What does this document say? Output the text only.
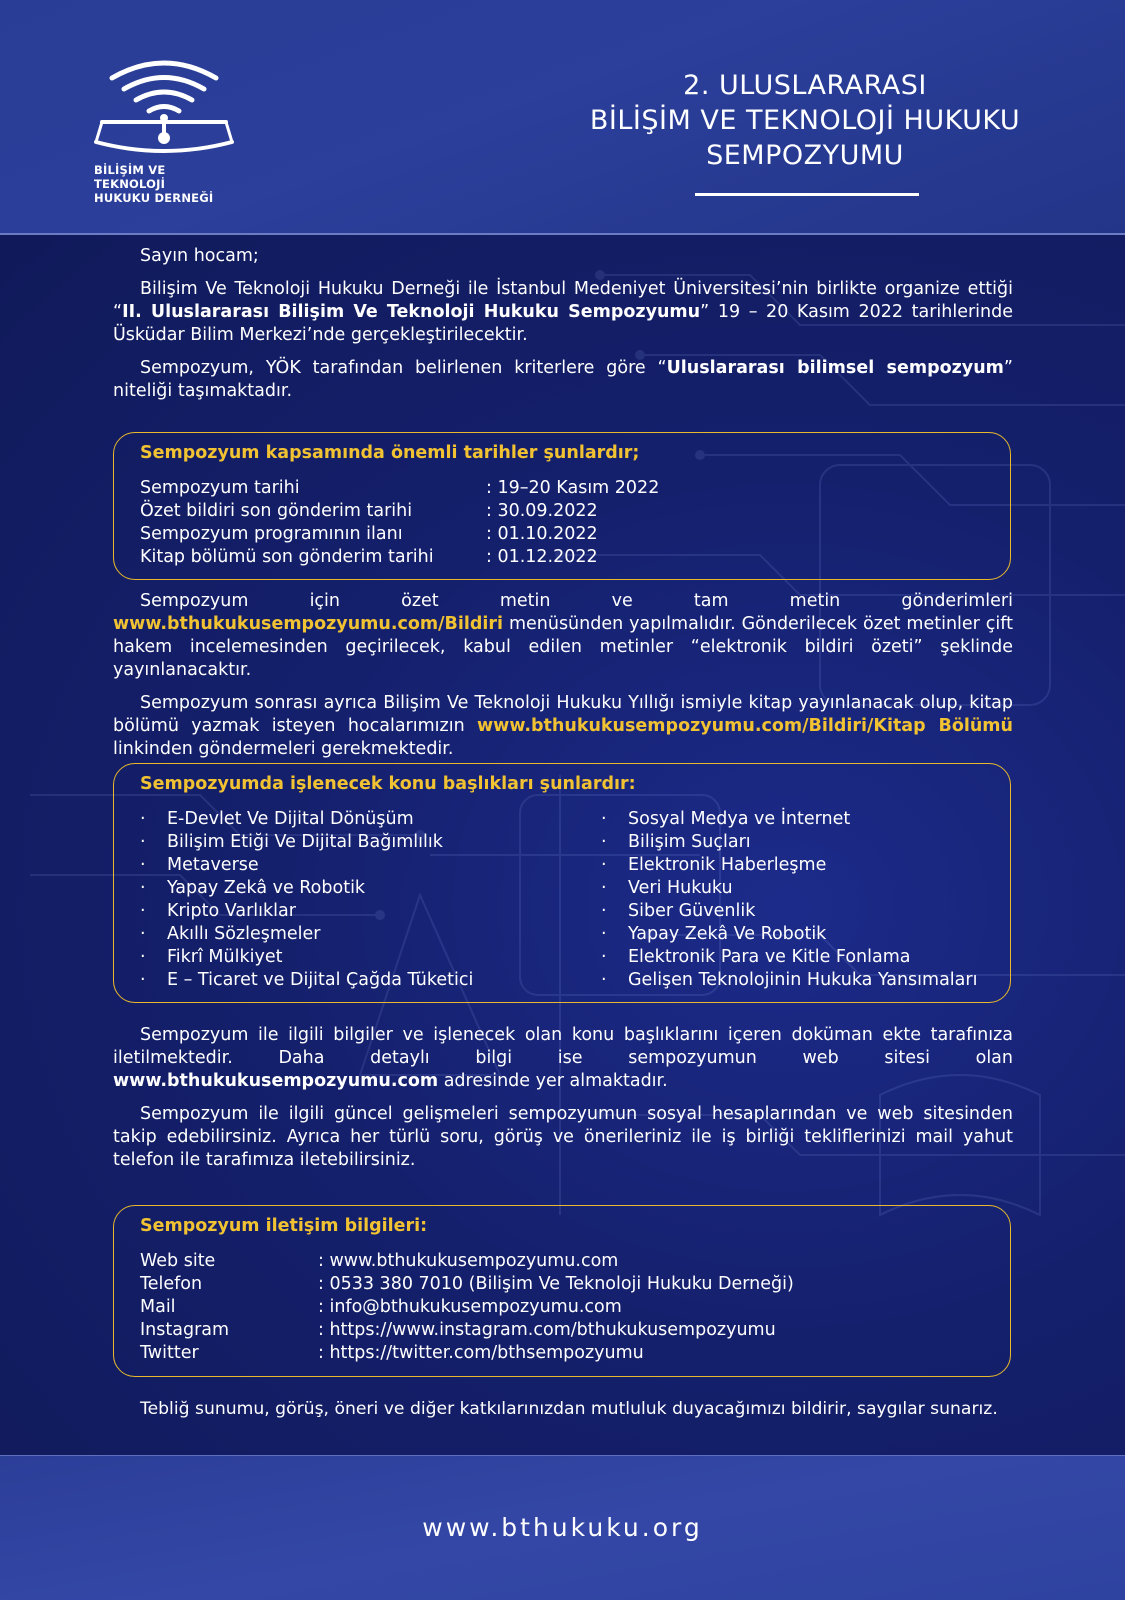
BİLİŞİM VE TEKNOLOJİ
HUKUKU DERNEĞİ
2. ULUSLARARASI
BİLİŞİM VE TEKNOLOJİ HUKUKU
SEMPOZYUMU

Sayın hocam;

Bilişim Ve Teknoloji Hukuku Derneği ile İstanbul Medeniyet Üniversitesi’nin birlikte organize ettiği “II. Uluslararası Bilişim Ve Teknoloji Hukuku Sempozyumu” 19 – 20 Kasım 2022 tarihlerinde Üsküdar Bilim Merkezi’nde gerçekleştirilecektir.

Sempozyum, YÖK tarafından belirlenen kriterlere göre “Uluslararası bilimsel sempozyum” niteliği taşımaktadır.

Sempozyum kapsamında önemli tarihler şunlardır;
Sempozyum tarihi	: 19–20 Kasım 2022
Özet bildiri son gönderim tarihi	: 30.09.2022
Sempozyum programının ilanı	: 01.10.2022
Kitap bölümü son gönderim tarihi	: 01.12.2022

Sempozyum için özet metin ve tam metin gönderimleri www.bthukukusempozyumu.com/Bildiri menüsünden yapılmalıdır. Gönderilecek özet metinler çift hakem incelemesinden geçirilecek, kabul edilen metinler “elektronik bildiri özeti” şeklinde yayınlanacaktır.

Sempozyum sonrası ayrıca Bilişim Ve Teknoloji Hukuku Yıllığı ismiyle kitap yayınlanacak olup, kitap bölümü yazmak isteyen hocalarımızın www.bthukukusempozyumu.com/Bildiri/Kitap Bölümü linkinden göndermeleri gerekmektedir.

Sempozyumda işlenecek konu başlıkları şunlardır:
· E-Devlet Ve Dijital Dönüşüm
· Bilişim Etiği Ve Dijital Bağımlılık
· Metaverse
· Yapay Zekâ ve Robotik
· Kripto Varlıklar
· Akıllı Sözleşmeler
· Fikrî Mülkiyet
· E – Ticaret ve Dijital Çağda Tüketici
· Sosyal Medya ve İnternet
· Bilişim Suçları
· Elektronik Haberleşme
· Veri Hukuku
· Siber Güvenlik
· Yapay Zekâ Ve Robotik
· Elektronik Para ve Kitle Fonlama
· Gelişen Teknolojinin Hukuka Yansımaları

Sempozyum ile ilgili bilgiler ve işlenecek olan konu başlıklarını içeren doküman ekte tarafınıza iletilmektedir. Daha detaylı bilgi ise sempozyumun web sitesi olan www.bthukukusempozyumu.com adresinde yer almaktadır.

Sempozyum ile ilgili güncel gelişmeleri sempozyumun sosyal hesaplarından ve web sitesinden takip edebilirsiniz. Ayrıca her türlü soru, görüş ve önerileriniz ile iş birliği tekliflerinizi mail yahut telefon ile tarafımıza iletebilirsiniz.

Sempozyum iletişim bilgileri:
Web site	: www.bthukukusempozyumu.com
Telefon	: 0533 380 7010 (Bilişim Ve Teknoloji Hukuku Derneği)
Mail	: info@bthukukusempozyumu.com
Instagram	: https://www.instagram.com/bthukukusempozyumu
Twitter	: https://twitter.com/bthsempozyumu

Tebliğ sunumu, görüş, öneri ve diğer katkılarınızdan mutluluk duyacağımızı bildirir, saygılar sunarız.

www.bthukuku.org
